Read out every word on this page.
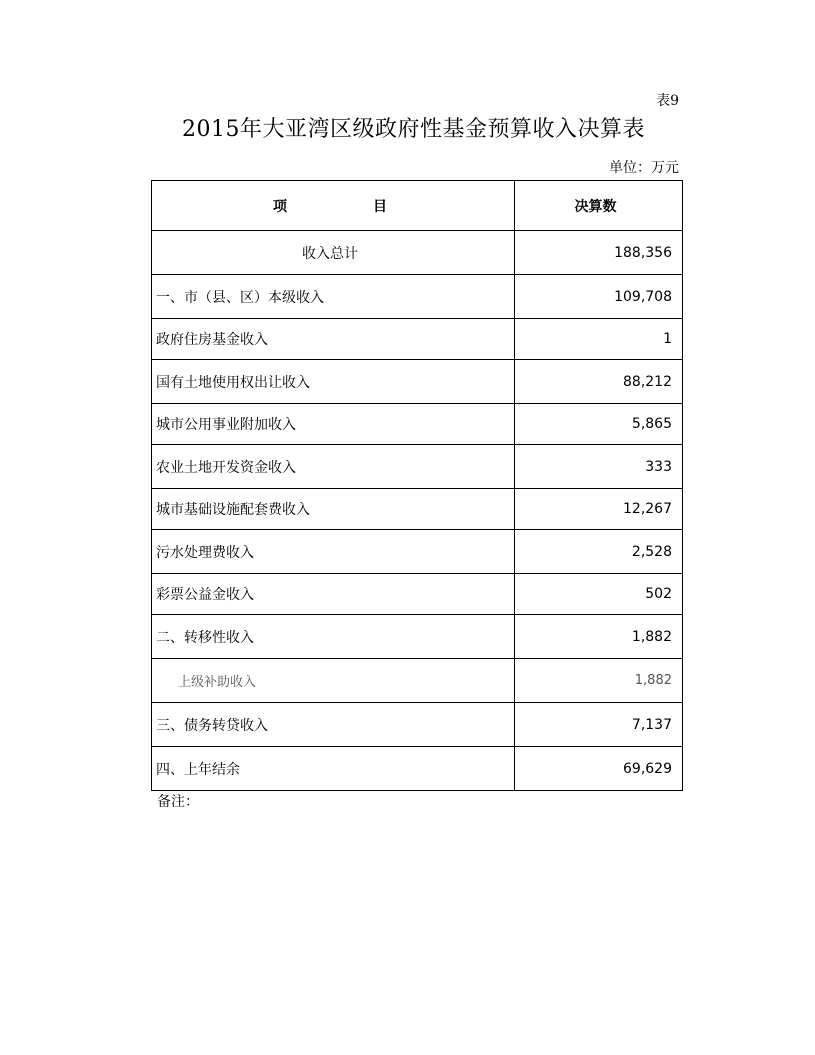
表9
2015年大亚湾区级政府性基金预算收入决算表
单位：万元
项 目	决算数
收入总计	188,356
一、市（县、区）本级收入	109,708
政府住房基金收入	1
国有土地使用权出让收入	88,212
城市公用事业附加收入	5,865
农业土地开发资金收入	333
城市基础设施配套费收入	12,267
污水处理费收入	2,528
彩票公益金收入	502
二、转移性收入	1,882
上级补助收入	1,882
三、债务转贷收入	7,137
四、上年结余	69,629
备注：
